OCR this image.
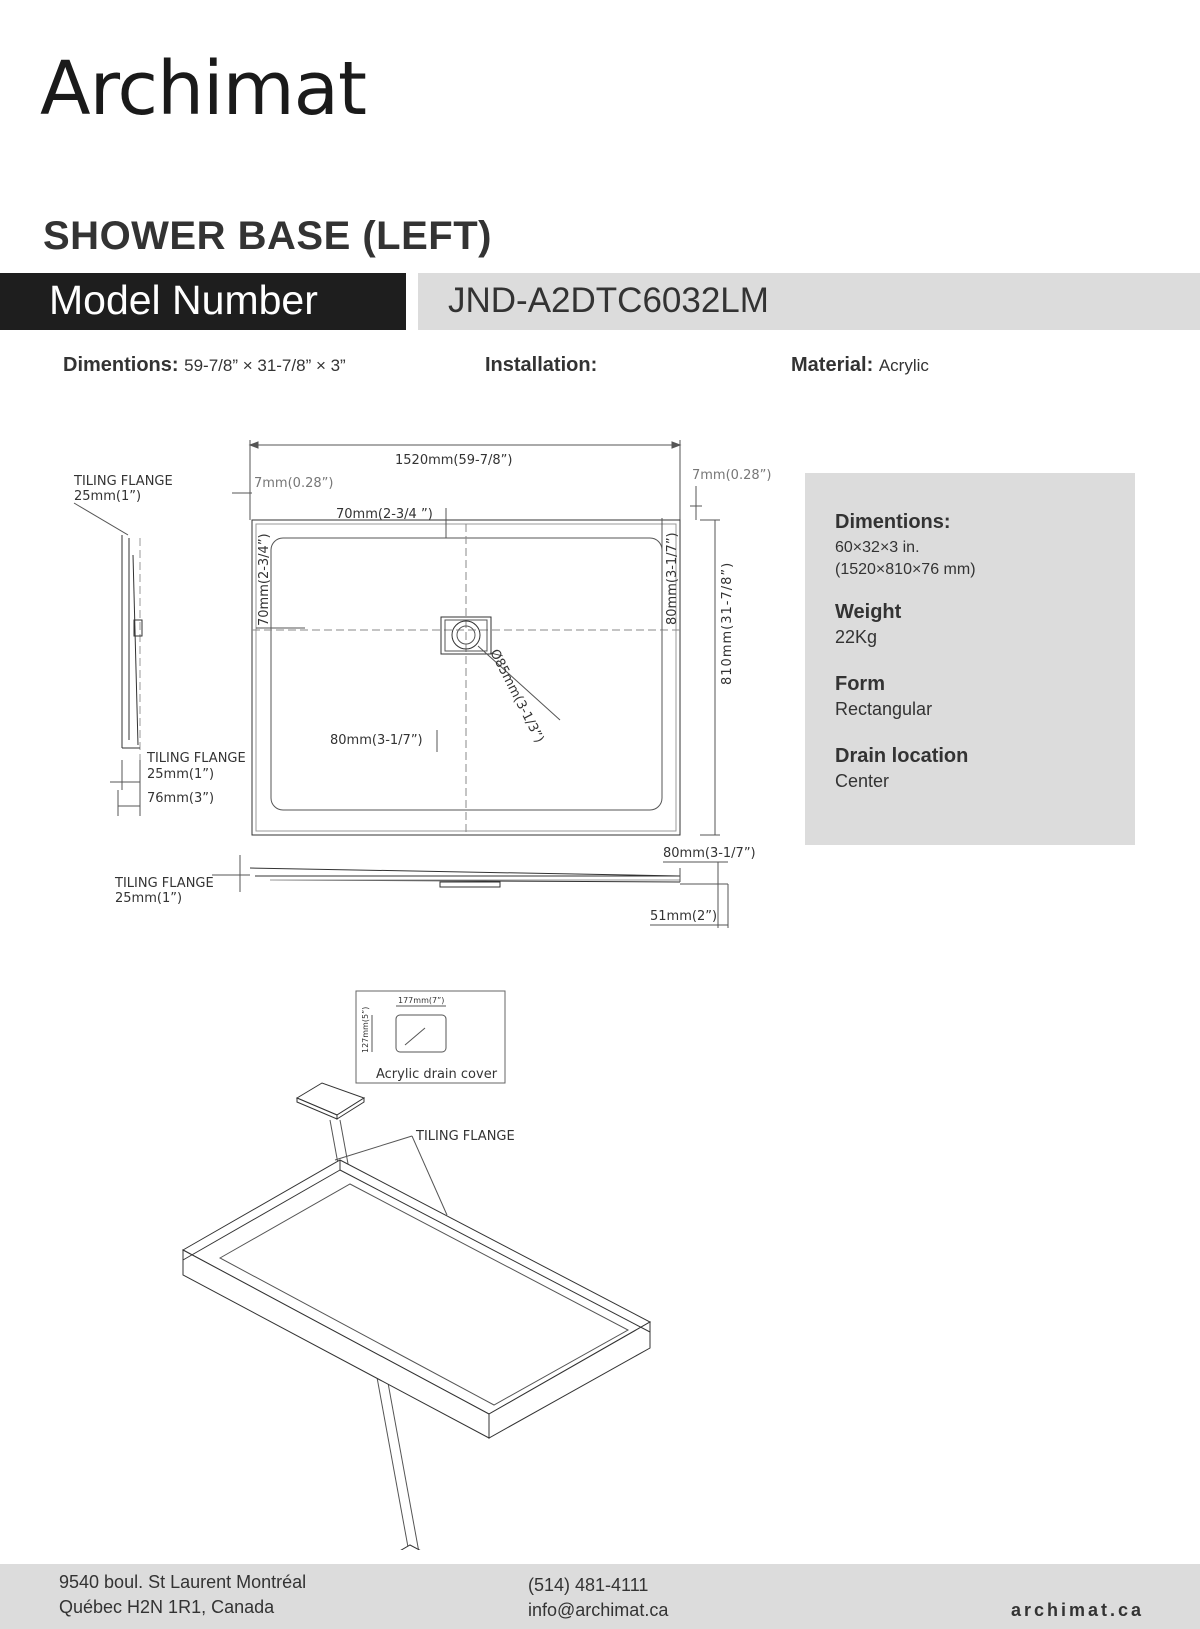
Archimat
SHOWER BASE (LEFT)
Model Number	JND-A2DTC6032LM
Dimentions: 59-7/8” × 31-7/8” × 3”	Installation:	Material: Acrylic
Dimentions:
60×32×3 in.
(1520×810×76 mm)
Weight
22Kg
Form
Rectangular
Drain location
Center
1520mm(59-7/8”)
Ø85mm(3-1/3”)
7mm(0.28”)
7mm(0.28”)
70mm(2-3/4 ”)
70mm(2-3/4”)	80mm(3-1/7”)	810mm(31-7/8”)
80mm(3-1/7”)
TILING FLANGE
25mm(1”)
TILING FLANGE
25mm(1”)
76mm(3”)
TILING FLANGE
25mm(1”)
80mm(3-1/7”)
51mm(2”)
177mm(7”)
127mm(5”)
Acrylic drain cover
TILING FLANGE
9540 boul. St Laurent Montréal
Québec H2N 1R1, Canada
(514) 481-4111
info@archimat.ca	archimat.ca
